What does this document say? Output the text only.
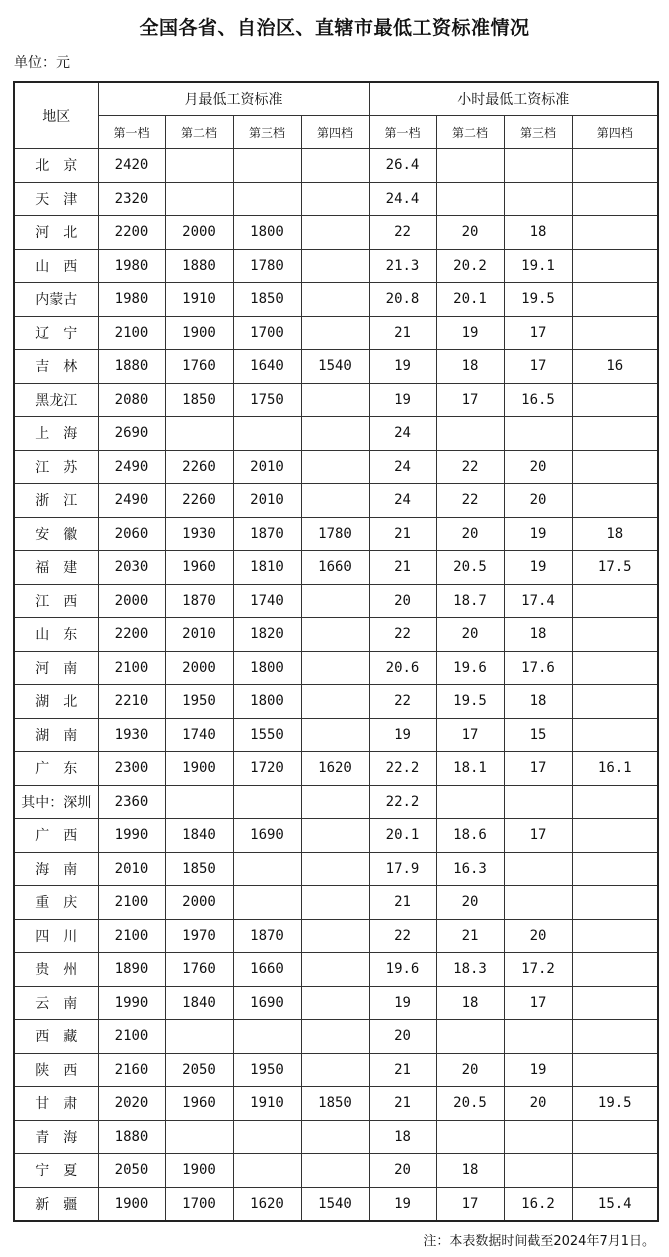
全国各省、自治区、直辖市最低工资标准情况
单位：元
地区	月最低工资标准				小时最低工资标准			
	第一档	第二档	第三档	第四档	第一档	第二档	第三档	第四档
北　京	2420				26.4			
天　津	2320				24.4			
河　北	2200	2000	1800		22	20	18	
山　西	1980	1880	1780		21.3	20.2	19.1	
内蒙古	1980	1910	1850		20.8	20.1	19.5	
辽　宁	2100	1900	1700		21	19	17	
吉　林	1880	1760	1640	1540	19	18	17	16
黑龙江	2080	1850	1750		19	17	16.5	
上　海	2690				24			
江　苏	2490	2260	2010		24	22	20	
浙　江	2490	2260	2010		24	22	20	
安　徽	2060	1930	1870	1780	21	20	19	18
福　建	2030	1960	1810	1660	21	20.5	19	17.5
江　西	2000	1870	1740		20	18.7	17.4	
山　东	2200	2010	1820		22	20	18	
河　南	2100	2000	1800		20.6	19.6	17.6	
湖　北	2210	1950	1800		22	19.5	18	
湖　南	1930	1740	1550		19	17	15	
广　东	2300	1900	1720	1620	22.2	18.1	17	16.1
其中：深圳	2360				22.2			
广　西	1990	1840	1690		20.1	18.6	17	
海　南	2010	1850			17.9	16.3		
重　庆	2100	2000			21	20		
四　川	2100	1970	1870		22	21	20	
贵　州	1890	1760	1660		19.6	18.3	17.2	
云　南	1990	1840	1690		19	18	17	
西　藏	2100				20			
陕　西	2160	2050	1950		21	20	19	
甘　肃	2020	1960	1910	1850	21	20.5	20	19.5
青　海	1880				18			
宁　夏	2050	1900			20	18		
新　疆	1900	1700	1620	1540	19	17	16.2	15.4
注：本表数据时间截至2024年7月1日。
